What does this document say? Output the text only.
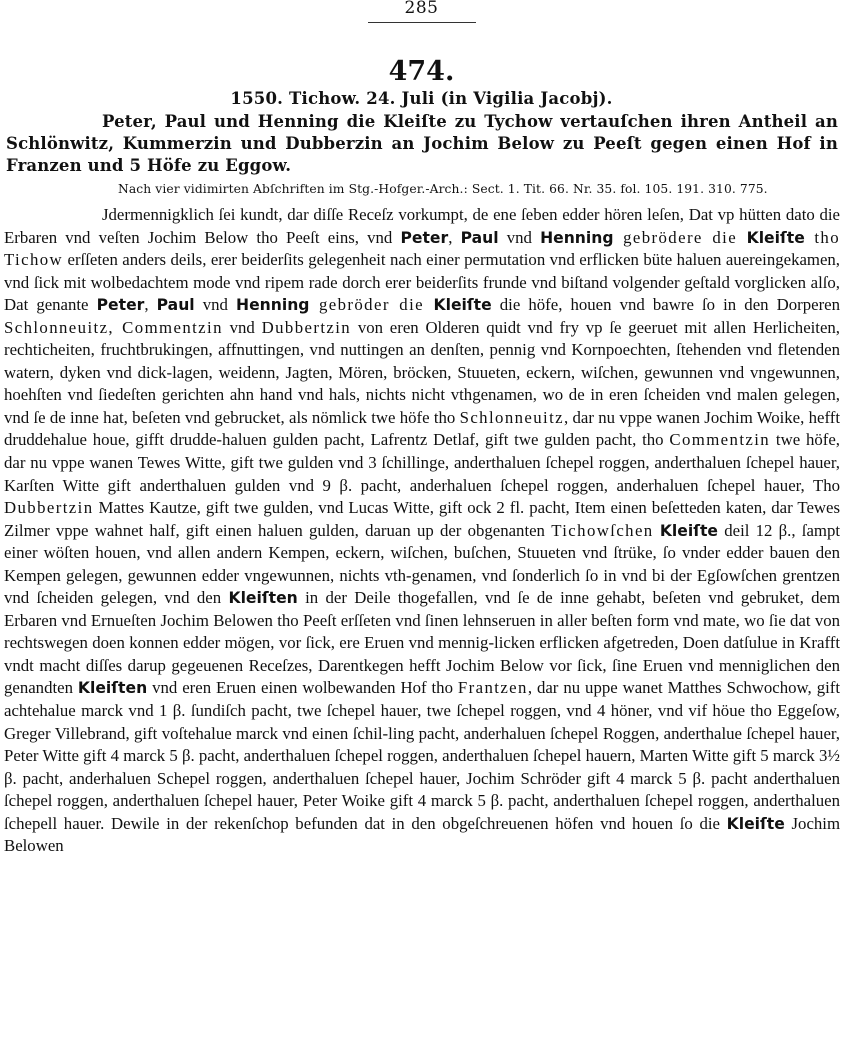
285
474.
1550. Tichow. 24. Juli (in Vigilia Jacobj).
Peter, Paul und Henning die Kleiſte zu Tychow vertauſchen ihren Antheil an Schlönwitz, Kummerzin und Dubberzin an Jochim Below zu Peeſt gegen einen Hof in Franzen und 5 Höfe zu Eggow.
Nach vier vidimirten Abſchriften im Stg.-Hofger.-Arch.: Sect. 1. Tit. 66. Nr. 35. fol. 105. 191. 310. 775.

Jdermennigklich ſei kundt, dar diſſe Receſz vorkumpt, de ene ſeben edder hören leſen, Dat vp hütten dato die Erbaren vnd veſten Jochim Below tho Peeſt eins, vnd Peter, Paul vnd Henning gebrödere die Kleiſte tho Tichow erſſeten anders deils, erer beiderſits gelegenheit nach einer permutation vnd erflicken büte haluen auereingekamen, vnd ſick mit wolbedachtem mode vnd ripem rade dorch erer beiderſits frunde vnd biſtand volgender geſtald vorglicken alſo, Dat genante Peter, Paul vnd Henning gebröder die Kleiſte die höfe, houen vnd bawre ſo in den Dorperen Schlonneuitz, Commentzin vnd Dubbertzin von eren Olderen quidt vnd fry vp ſe geeruet mit allen Herlicheiten, rechticheiten, fruchtbrukingen, affnuttingen, vnd nuttingen an denſten, pennig vnd Kornpoechten, ſtehenden vnd fletenden watern, dyken vnd dick-lagen, weidenn, Jagten, Mören, bröcken, Stuueten, eckern, wiſchen, gewunnen vnd vngewunnen, hoehſten vnd ſiedeſten gerichten ahn hand vnd hals, nichts nicht vthgenamen, wo de in eren ſcheiden vnd malen gelegen, vnd ſe de inne hat, beſeten vnd gebrucket, als nömlick twe höfe tho Schlonneuitz, dar nu vppe wanen Jochim Woike, hefft druddehalue houe, gifft drudde-haluen gulden pacht, Lafrentz Detlaf, gift twe gulden pacht, tho Commentzin twe höfe, dar nu vppe wanen Tewes Witte, gift twe gulden vnd 3 ſchillinge, anderthaluen ſchepel roggen, anderthaluen ſchepel hauer, Karſten Witte gift anderthaluen gulden vnd 9 β. pacht, anderhaluen ſchepel roggen, anderhaluen ſchepel hauer, Tho Dubbertzin Mattes Kautze, gift twe gulden, vnd Lucas Witte, gift ock 2 fl. pacht, Item einen beſetteden katen, dar Tewes Zilmer vppe wahnet half, gift einen haluen gulden, daruan up der obgenanten Tichowſchen Kleiſte deil 12 β., ſampt einer wöſten houen, vnd allen andern Kempen, eckern, wiſchen, buſchen, Stuueten vnd ſtrüke, ſo vnder edder bauen den Kempen gelegen, gewunnen edder vngewunnen, nichts vth-genamen, vnd ſonderlich ſo in vnd bi der Egſowſchen grentzen vnd ſcheiden gelegen, vnd den Kleiſten in der Deile thogefallen, vnd ſe de inne gehabt, beſeten vnd gebruket, dem Erbaren vnd Ernueſten Jochim Belowen tho Peeſt erſſeten vnd ſinen lehnseruen in aller beſten form vnd mate, wo ſie dat von rechtswegen doen konnen edder mögen, vor ſick, ere Eruen vnd mennig-licken erflicken afgetreden, Doen datſulue in Krafft vndt macht diſſes darup gegeuenen Receſzes, Darentkegen hefft Jochim Below vor ſick, ſine Eruen vnd menniglichen den genandten Kleiſten vnd eren Eruen einen wolbewanden Hof tho Frantzen, dar nu uppe wanet Matthes Schwochow, gift achtehalue marck vnd 1 β. ſundiſch pacht, twe ſchepel hauer, twe ſchepel roggen, vnd 4 höner, vnd vif höue tho Eggeſow, Greger Villebrand, gift voſtehalue marck vnd einen ſchil-ling pacht, anderhaluen ſchepel Roggen, anderthalue ſchepel hauer, Peter Witte gift 4 marck 5 β. pacht, anderthaluen ſchepel roggen, anderthaluen ſchepel hauern, Marten Witte gift 5 marck 3½ β. pacht, anderhaluen Schepel roggen, anderthaluen ſchepel hauer, Jochim Schröder gift 4 marck 5 β. pacht anderthaluen ſchepel roggen, anderthaluen ſchepel hauer, Peter Woike gift 4 marck 5 β. pacht, anderthaluen ſchepel roggen, anderthaluen ſchepell hauer. Dewile in der rekenſchop befunden dat in den obgeſchreuenen höfen vnd houen ſo die Kleiſte Jochim Belowen
